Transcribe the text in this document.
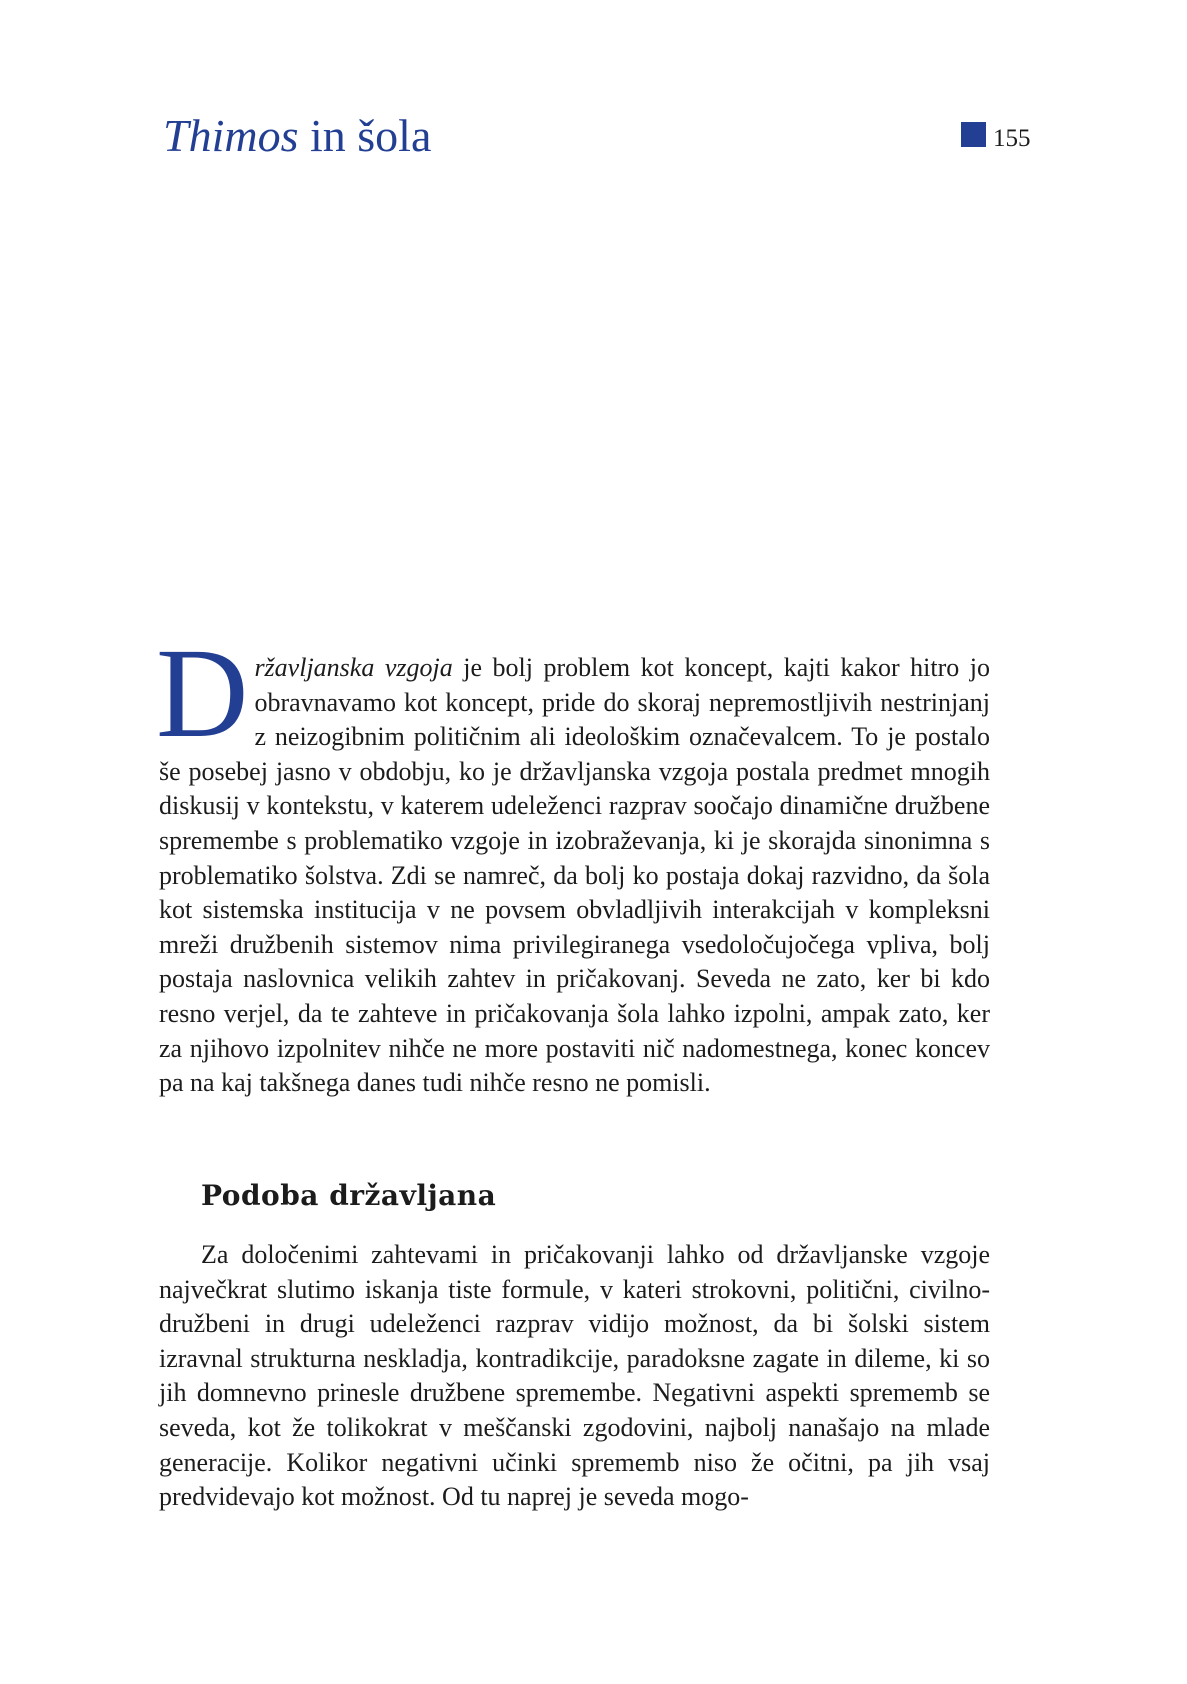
Thimos in šola	155

Državljanska vzgoja je bolj problem kot koncept, kajti kakor hitro jo obravnavamo kot koncept, pride do skoraj nepremostljivih nestrinjanj z neizogibnim političnim ali ideološkim označevalcem. To je postalo še posebej jasno v obdobju, ko je državljanska vzgoja postala predmet mnogih diskusij v kontekstu, v katerem udeleženci razprav soočajo dinamične družbene spremembe s problematiko vzgoje in izobraževanja, ki je skorajda sinonimna s problematiko šolstva. Zdi se namreč, da bolj ko postaja dokaj razvidno, da šola kot sistemska institucija v ne povsem obvladljivih interakcijah v kompleksni mreži družbenih sistemov nima privilegiranega vsedoločujočega vpliva, bolj postaja naslovnica velikih zahtev in pričakovanj. Seveda ne zato, ker bi kdo resno verjel, da te zahteve in pričakovanja šola lahko izpolni, ampak zato, ker za njihovo izpolnitev nihče ne more postaviti nič nadomestnega, konec koncev pa na kaj takšnega danes tudi nihče resno ne pomisli.

Podoba državljana

Za določenimi zahtevami in pričakovanji lahko od državljanske vzgoje največkrat slutimo iskanja tiste formule, v kateri strokovni, politični, civilno-družbeni in drugi udeleženci razprav vidijo možnost, da bi šolski sistem izravnal strukturna neskladja, kontradikcije, paradoksne zagate in dileme, ki so jih domnevno prinesle družbene spremembe. Negativni aspekti sprememb se seveda, kot že tolikokrat v meščanski zgodovini, najbolj nanašajo na mlade generacije. Kolikor negativni učinki sprememb niso že očitni, pa jih vsaj predvidevajo kot možnost. Od tu naprej je seveda mogo-
